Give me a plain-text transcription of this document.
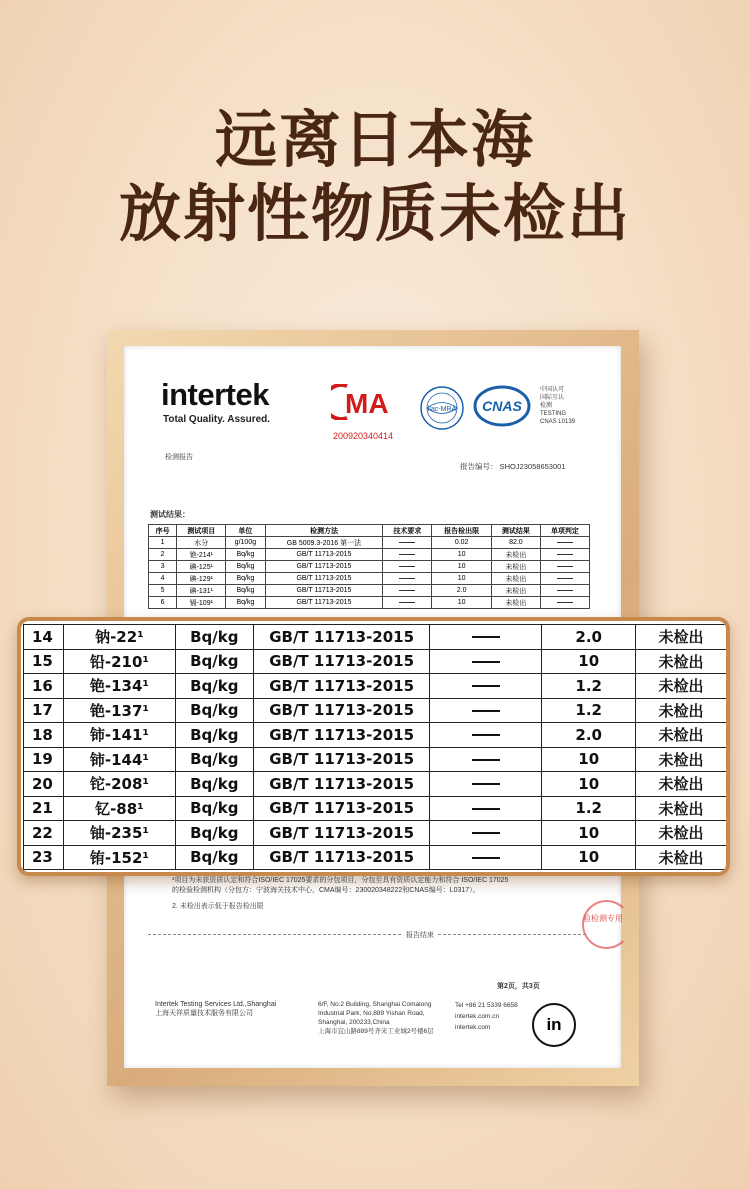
远离日本海
放射性物质未检出
intertek
Total Quality. Assured.
MA
200920340414
ilac-MRA CNAS
中国认可
国际互认
检测
TESTING
CNAS L0139
检测报告
报告编号： SHOJ23058653001
测试结果：
序号	测试项目	单位	检测方法	技术要求	报告检出限	测试结果	单项判定
1	水分	g/100g	GB 5009.3-2016 第一法		0.02	82.0	
2	铯-214¹	Bq/kg	GB/T 11713-2015		10	未检出	
3	碘-125¹	Bq/kg	GB/T 11713-2015		10	未检出	
4	碘-129¹	Bq/kg	GB/T 11713-2015		10	未检出	
5	碘-131¹	Bq/kg	GB/T 11713-2015		2.0	未检出	
6	镉-109¹	Bq/kg	GB/T 11713-2015		10	未检出	
14	钠-22¹	Bq/kg	GB/T 11713-2015		2.0	未检出
15	铅-210¹	Bq/kg	GB/T 11713-2015		10	未检出
16	铯-134¹	Bq/kg	GB/T 11713-2015		1.2	未检出
17	铯-137¹	Bq/kg	GB/T 11713-2015		1.2	未检出
18	铈-141¹	Bq/kg	GB/T 11713-2015		2.0	未检出
19	铈-144¹	Bq/kg	GB/T 11713-2015		10	未检出
20	铊-208¹	Bq/kg	GB/T 11713-2015		10	未检出
21	钇-88¹	Bq/kg	GB/T 11713-2015		1.2	未检出
22	铀-235¹	Bq/kg	GB/T 11713-2015		10	未检出
23	铕-152¹	Bq/kg	GB/T 11713-2015		10	未检出
¹项目为未获资质认定和符合ISO/IEC 17025要求的分包项目，分包至具有资质认定能力和符合 ISO/IEC 17025
的检验检测机构（分包方：宁波海关技术中心，CMA编号：230020348222和CNAS编号：L0317）。
2. 未检出表示低于报告检出限
验检测专用
报告结束
第2页，共3页
Intertek Testing Services Ltd.,Shanghai
上海天祥质量技术服务有限公司
6/F, No.2 Building, Shanghai Comalong
Industrial Park, No.889 Yishan Road,
Shanghai, 200233,China
上海市宜山路889号齐来工业城2号楼6层
Tel +86 21 5339 6658
intertek.com.cn
intertek.com	in
